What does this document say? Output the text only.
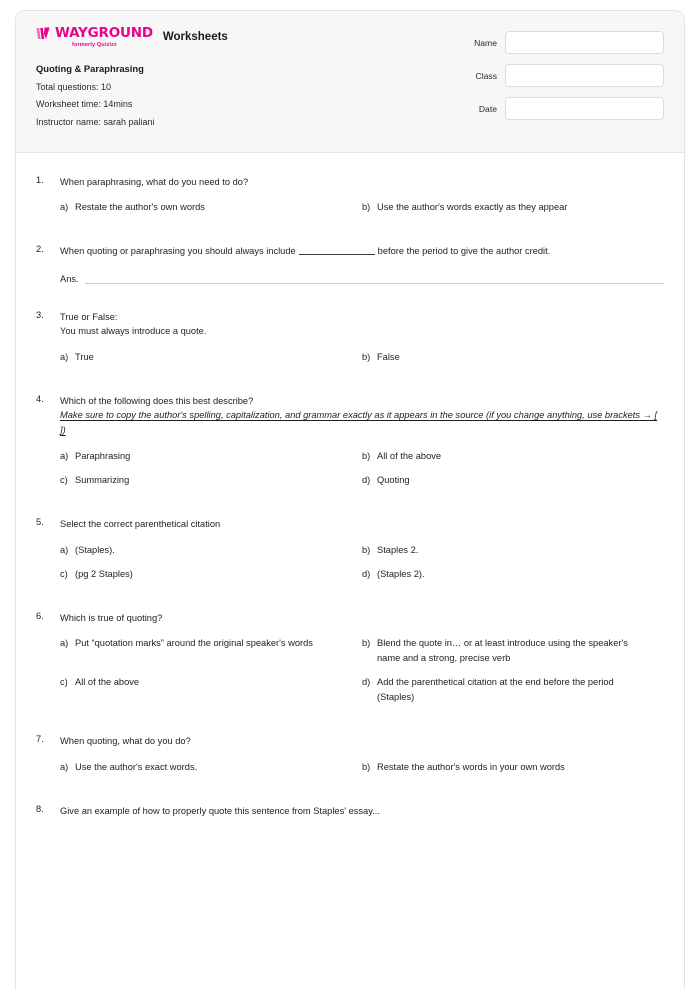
WAYGROUND
formerly Quizizz
Worksheets
Quoting & Paraphrasing
Total questions: 10
Worksheet time: 14mins
Instructor name: sarah paliani
Name
Class
Date
1.	When paraphrasing, what do you need to do?
a) Restate the author's own words	b) Use the author's words exactly as they appear
2.	When quoting or paraphrasing you should always include	before the period to give the author credit.
Ans.
3.	True or False:
You must always introduce a quote.
a) True	b) False
4.	Which of the following does this best describe?
Make sure to copy the author's spelling, capitalization, and grammar exactly as it appears in the source (if you change anything, use brackets → [ ])
a) Paraphrasing	b) All of the above
c) Summarizing	d) Quoting
5.	Select the correct parenthetical citation
a) (Staples).	b) Staples 2.
c) (pg 2 Staples)	d) (Staples 2).
6.	Which is true of quoting?
a) Put “quotation marks” around the original speaker's words	b) Blend the quote in… or at least introduce using the speaker's name and a strong, precise verb
c) All of the above	d) Add the parenthetical citation at the end before the period (Staples)
7.	When quoting, what do you do?
a) Use the author's exact words.	b) Restate the author's words in your own words
8.	Give an example of how to properly quote this sentence from Staples' essay...
